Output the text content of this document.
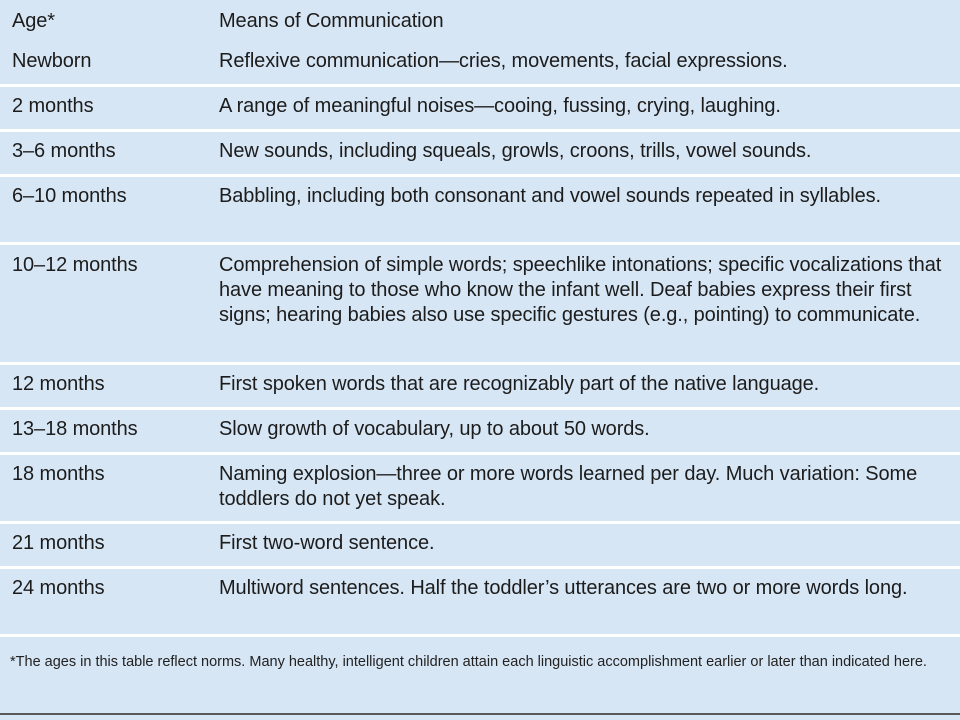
Age*	Means of Communication
Newborn	Reflexive communication—cries, movements, facial expressions.
2 months	A range of meaningful noises—cooing, fussing, crying, laughing.
3–6 months	New sounds, including squeals, growls, croons, trills, vowel sounds.
6–10 months	Babbling, including both consonant and vowel sounds repeated in syllables.
10–12 months	Comprehension of simple words; speechlike intonations; specific vocalizations that have meaning to those who know the infant well. Deaf babies express their first signs; hearing babies also use specific gestures (e.g., pointing) to communicate.
12 months	First spoken words that are recognizably part of the native language.
13–18 months	Slow growth of vocabulary, up to about 50 words.
18 months	Naming explosion—three or more words learned per day. Much variation: Some toddlers do not yet speak.
21 months	First two-word sentence.
24 months	Multiword sentences. Half the toddler’s utterances are two or more words long.
*The ages in this table reflect norms. Many healthy, intelligent children attain each linguistic accomplishment earlier or later than indicated here.
